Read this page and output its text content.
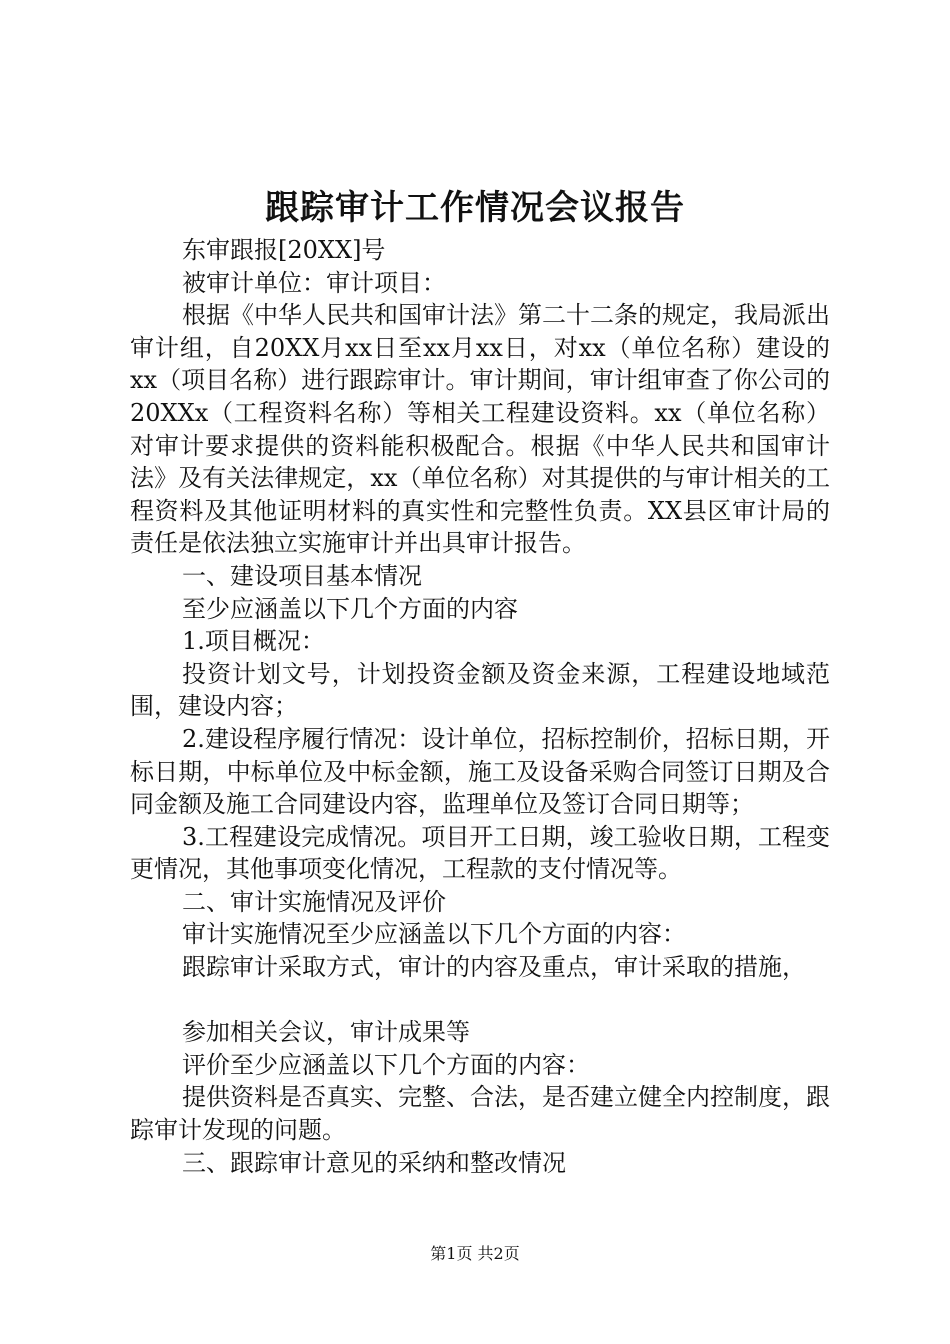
跟踪审计工作情况会议报告

东审跟报[20XX]号

被审计单位：审计项目：

根据《中华人民共和国审计法》第二十二条的规定，我局派出审计组，自20XX月xx日至xx月xx日，对xx（单位名称）建设的xx（项目名称）进行跟踪审计。审计期间，审计组审查了你公司的20XXx（工程资料名称）等相关工程建设资料。xx（单位名称）对审计要求提供的资料能积极配合。根据《中华人民共和国审计法》及有关法律规定，xx（单位名称）对其提供的与审计相关的工程资料及其他证明材料的真实性和完整性负责。XX县区审计局的责任是依法独立实施审计并出具审计报告。

一、建设项目基本情况

至少应涵盖以下几个方面的内容

1.项目概况：

投资计划文号，计划投资金额及资金来源，工程建设地域范围，建设内容；

2.建设程序履行情况：设计单位，招标控制价，招标日期，开标日期，中标单位及中标金额，施工及设备采购合同签订日期及合同金额及施工合同建设内容，监理单位及签订合同日期等；

3.工程建设完成情况。项目开工日期，竣工验收日期，工程变更情况，其他事项变化情况，工程款的支付情况等。

二、审计实施情况及评价

审计实施情况至少应涵盖以下几个方面的内容：

跟踪审计采取方式，审计的内容及重点，审计采取的措施，

参加相关会议，审计成果等

评价至少应涵盖以下几个方面的内容：

提供资料是否真实、完整、合法，是否建立健全内控制度，跟踪审计发现的问题。

三、跟踪审计意见的采纳和整改情况

第1页 共2页
